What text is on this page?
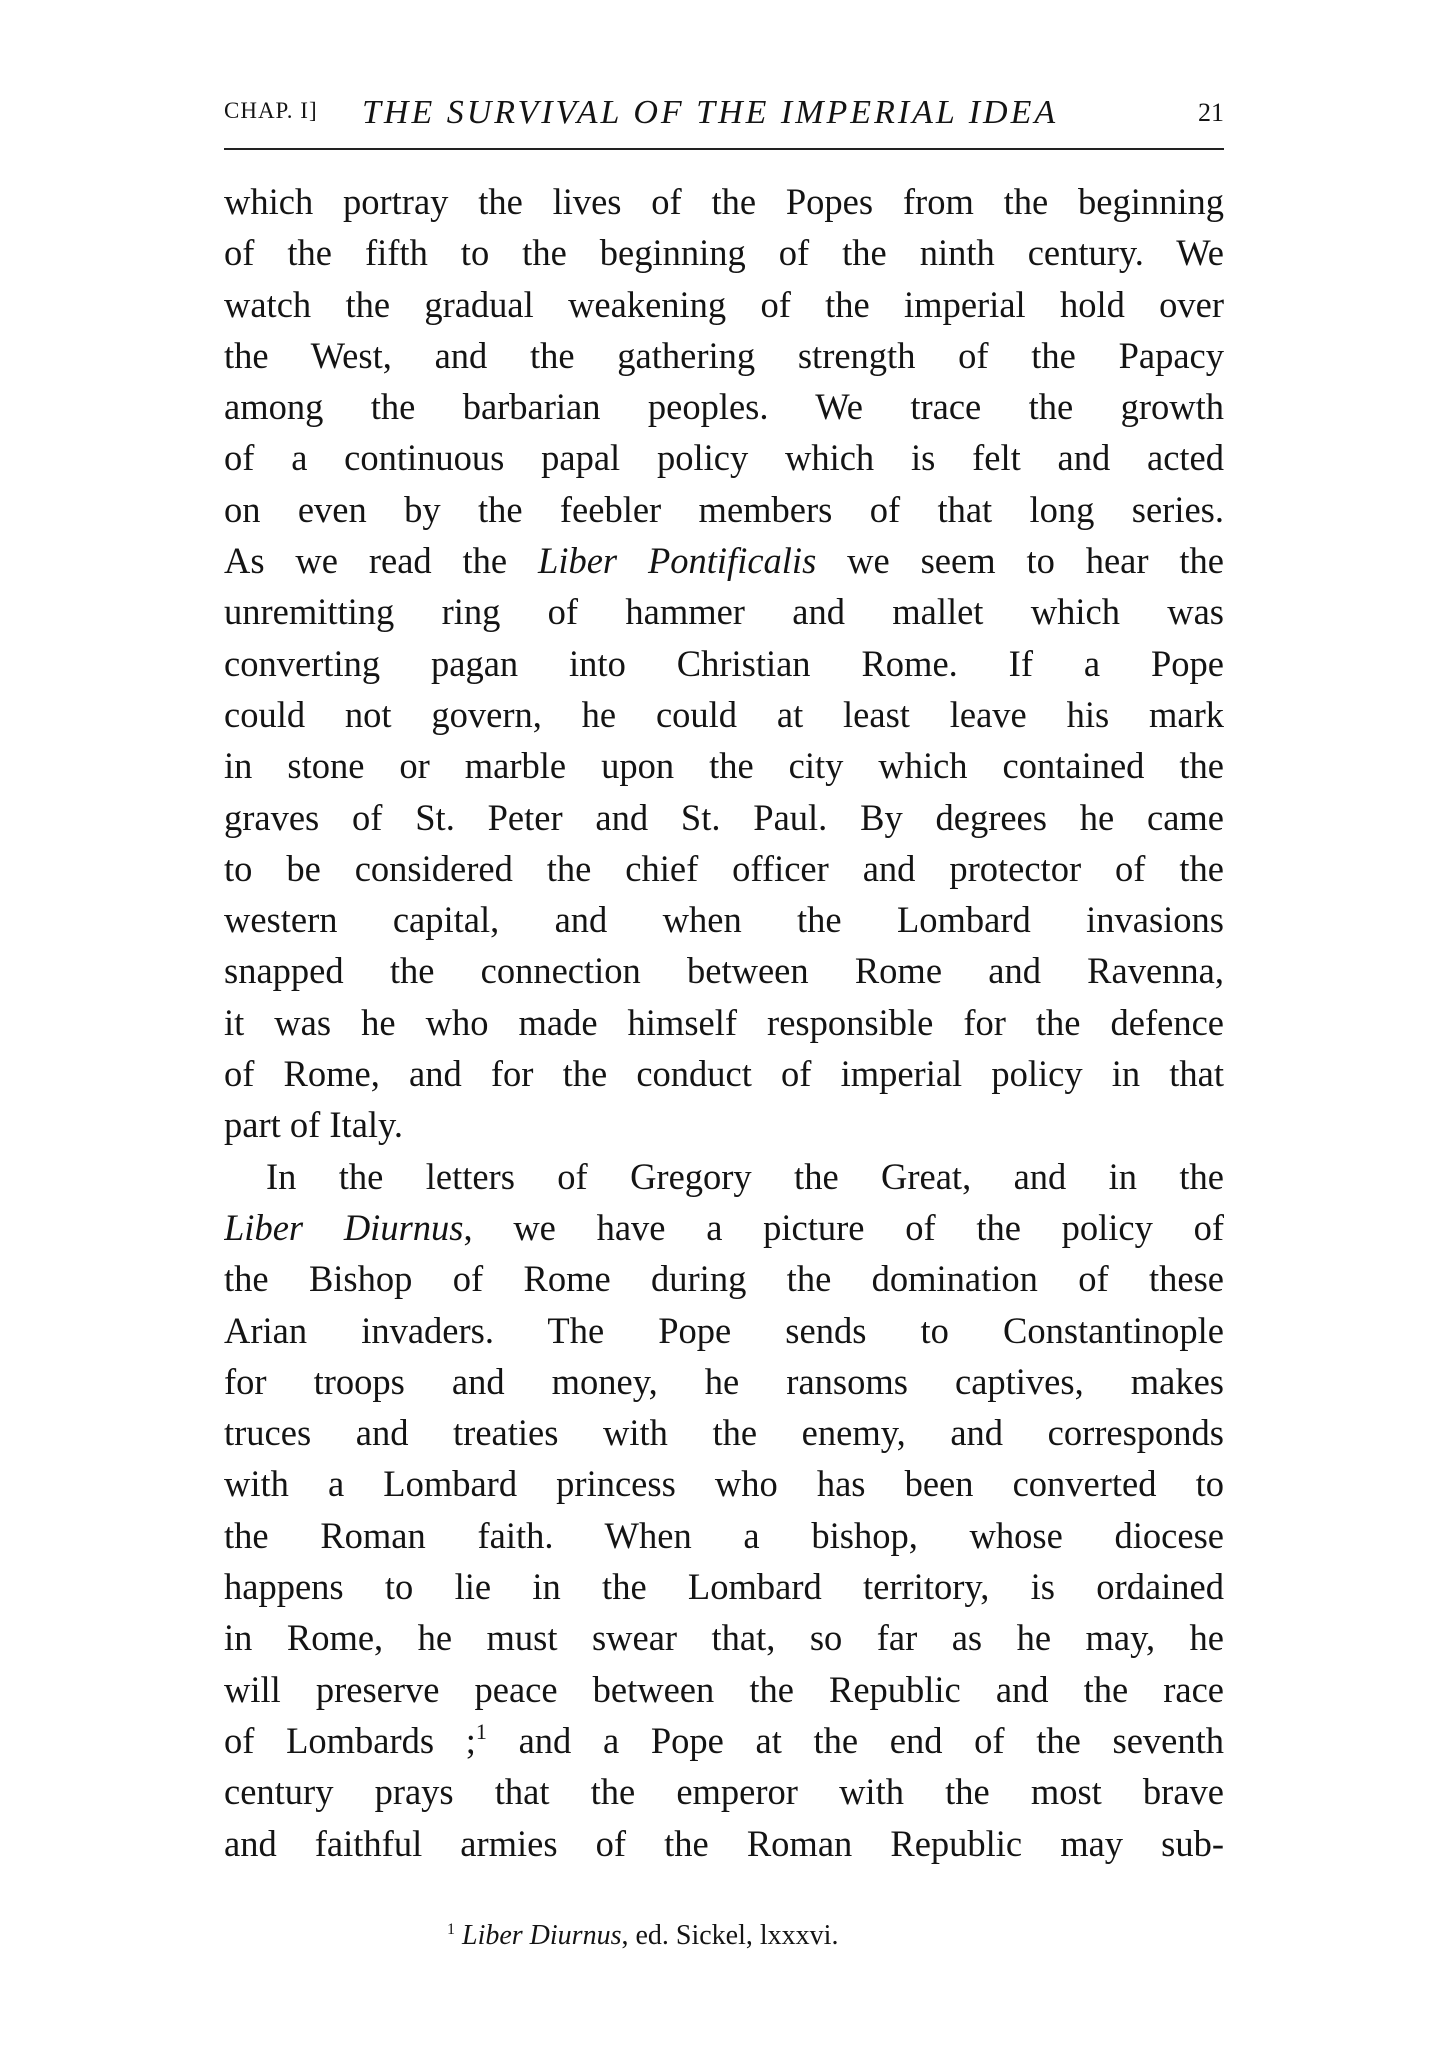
CHAP. I] THE SURVIVAL OF THE IMPERIAL IDEA	21
which portray the lives of the Popes from the beginning
of the fifth to the beginning of the ninth century. We
watch the gradual weakening of the imperial hold over
the West, and the gathering strength of the Papacy
among the barbarian peoples. We trace the growth
of a continuous papal policy which is felt and acted
on even by the feebler members of that long series.
As we read the Liber Pontificalis we seem to hear the
unremitting ring of hammer and mallet which was
converting pagan into Christian Rome. If a Pope
could not govern, he could at least leave his mark
in stone or marble upon the city which contained the
graves of St. Peter and St. Paul. By degrees he came
to be considered the chief officer and protector of the
western capital, and when the Lombard invasions
snapped the connection between Rome and Ravenna,
it was he who made himself responsible for the defence
of Rome, and for the conduct of imperial policy in that
part of Italy.
In the letters of Gregory the Great, and in the
Liber Diurnus, we have a picture of the policy of
the Bishop of Rome during the domination of these
Arian invaders. The Pope sends to Constantinople
for troops and money, he ransoms captives, makes
truces and treaties with the enemy, and corresponds
with a Lombard princess who has been converted to
the Roman faith. When a bishop, whose diocese
happens to lie in the Lombard territory, is ordained
in Rome, he must swear that, so far as he may, he
will preserve peace between the Republic and the race
of Lombards ;$^1$ and a Pope at the end of the seventh
century prays that the emperor with the most brave
and faithful armies of the Roman Republic may sub-
$^1$ Liber Diurnus, ed. Sickel, lxxxvi.
